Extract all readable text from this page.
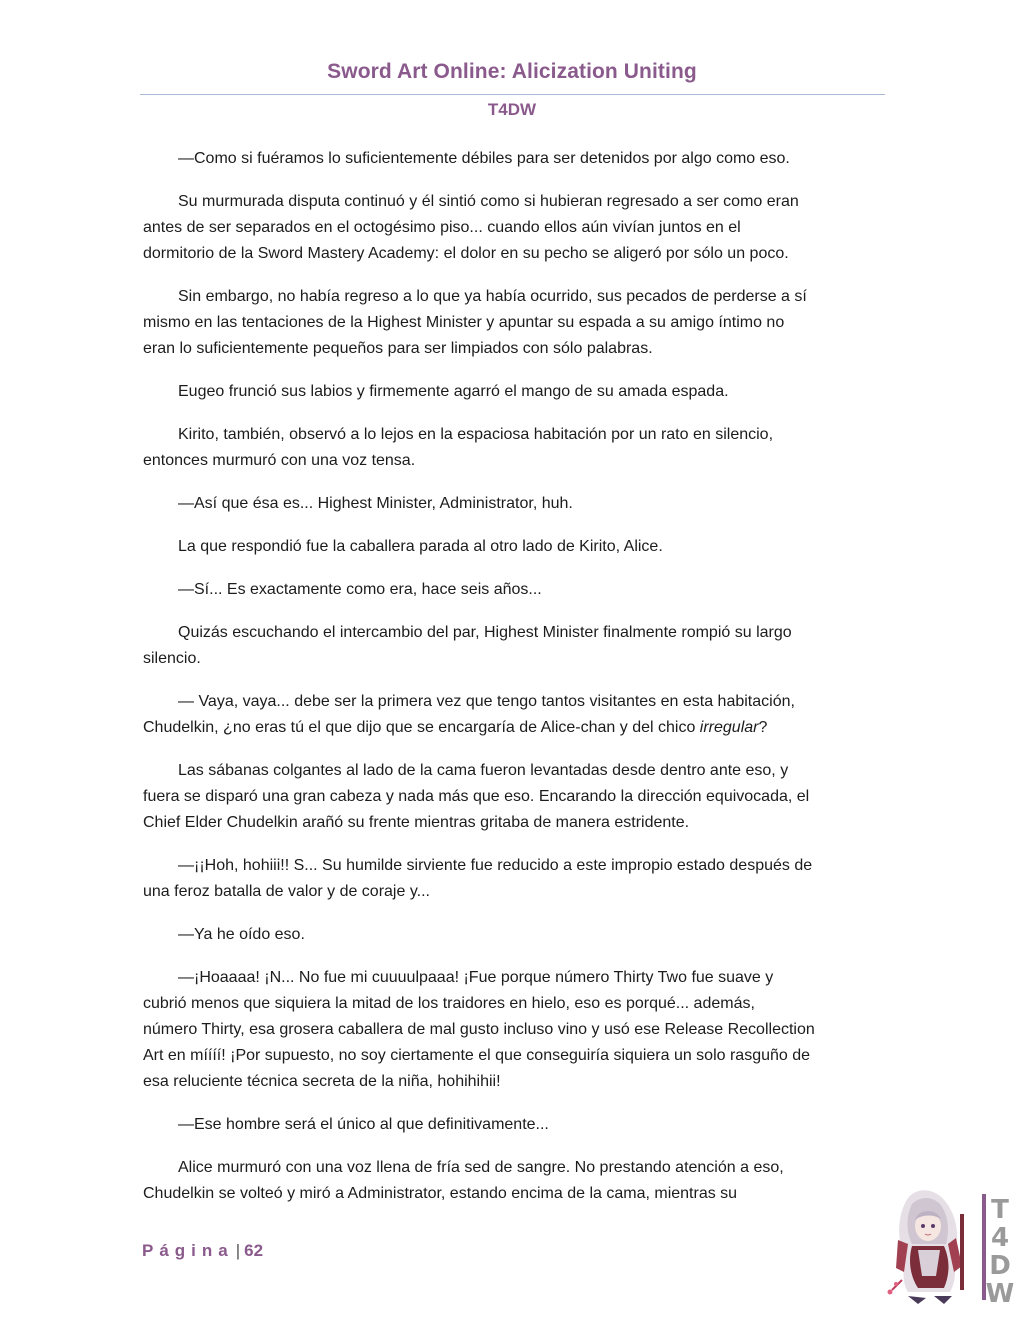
Sword Art Online: Alicization Uniting
T4DW
—Como si fuéramos lo suficientemente débiles para ser detenidos por algo como eso.
Su murmurada disputa continuó y él sintió como si hubieran regresado a ser como eran
antes de ser separados en el octogésimo piso... cuando ellos aún vivían juntos en el
dormitorio de la Sword Mastery Academy: el dolor en su pecho se aligeró por sólo un poco.
Sin embargo, no había regreso a lo que ya había ocurrido, sus pecados de perderse a sí
mismo en las tentaciones de la Highest Minister y apuntar su espada a su amigo íntimo no
eran lo suficientemente pequeños para ser limpiados con sólo palabras.
Eugeo frunció sus labios y firmemente agarró el mango de su amada espada.
Kirito, también, observó a lo lejos en la espaciosa habitación por un rato en silencio,
entonces murmuró con una voz tensa.
—Así que ésa es... Highest Minister, Administrator, huh.
La que respondió fue la caballera parada al otro lado de Kirito, Alice.
—Sí... Es exactamente como era, hace seis años...
Quizás escuchando el intercambio del par, Highest Minister finalmente rompió su largo
silencio.
— Vaya, vaya... debe ser la primera vez que tengo tantos visitantes en esta habitación,
Chudelkin, ¿no eras tú el que dijo que se encargaría de Alice-chan y del chico irregular?
Las sábanas colgantes al lado de la cama fueron levantadas desde dentro ante eso, y
fuera se disparó una gran cabeza y nada más que eso. Encarando la dirección equivocada, el
Chief Elder Chudelkin arañó su frente mientras gritaba de manera estridente.
—¡¡Hoh, hohiii!! S... Su humilde sirviente fue reducido a este impropio estado después de
una feroz batalla de valor y de coraje y...
—Ya he oído eso.
—¡Hoaaaa! ¡N... No fue mi cuuuulpaaa! ¡Fue porque número Thirty Two fue suave y
cubrió menos que siquiera la mitad de los traidores en hielo, eso es porqué... además,
número Thirty, esa grosera caballera de mal gusto incluso vino y usó ese Release Recollection
Art en míííí! ¡Por supuesto, no soy ciertamente el que conseguiría siquiera un solo rasguño de
esa reluciente técnica secreta de la niña, hohihihii!
—Ese hombre será el único al que definitivamente...
Alice murmuró con una voz llena de fría sed de sangre. No prestando atención a eso,
Chudelkin se volteó y miró a Administrator, estando encima de la cama, mientras su
Página | 62
T
4
D
W
